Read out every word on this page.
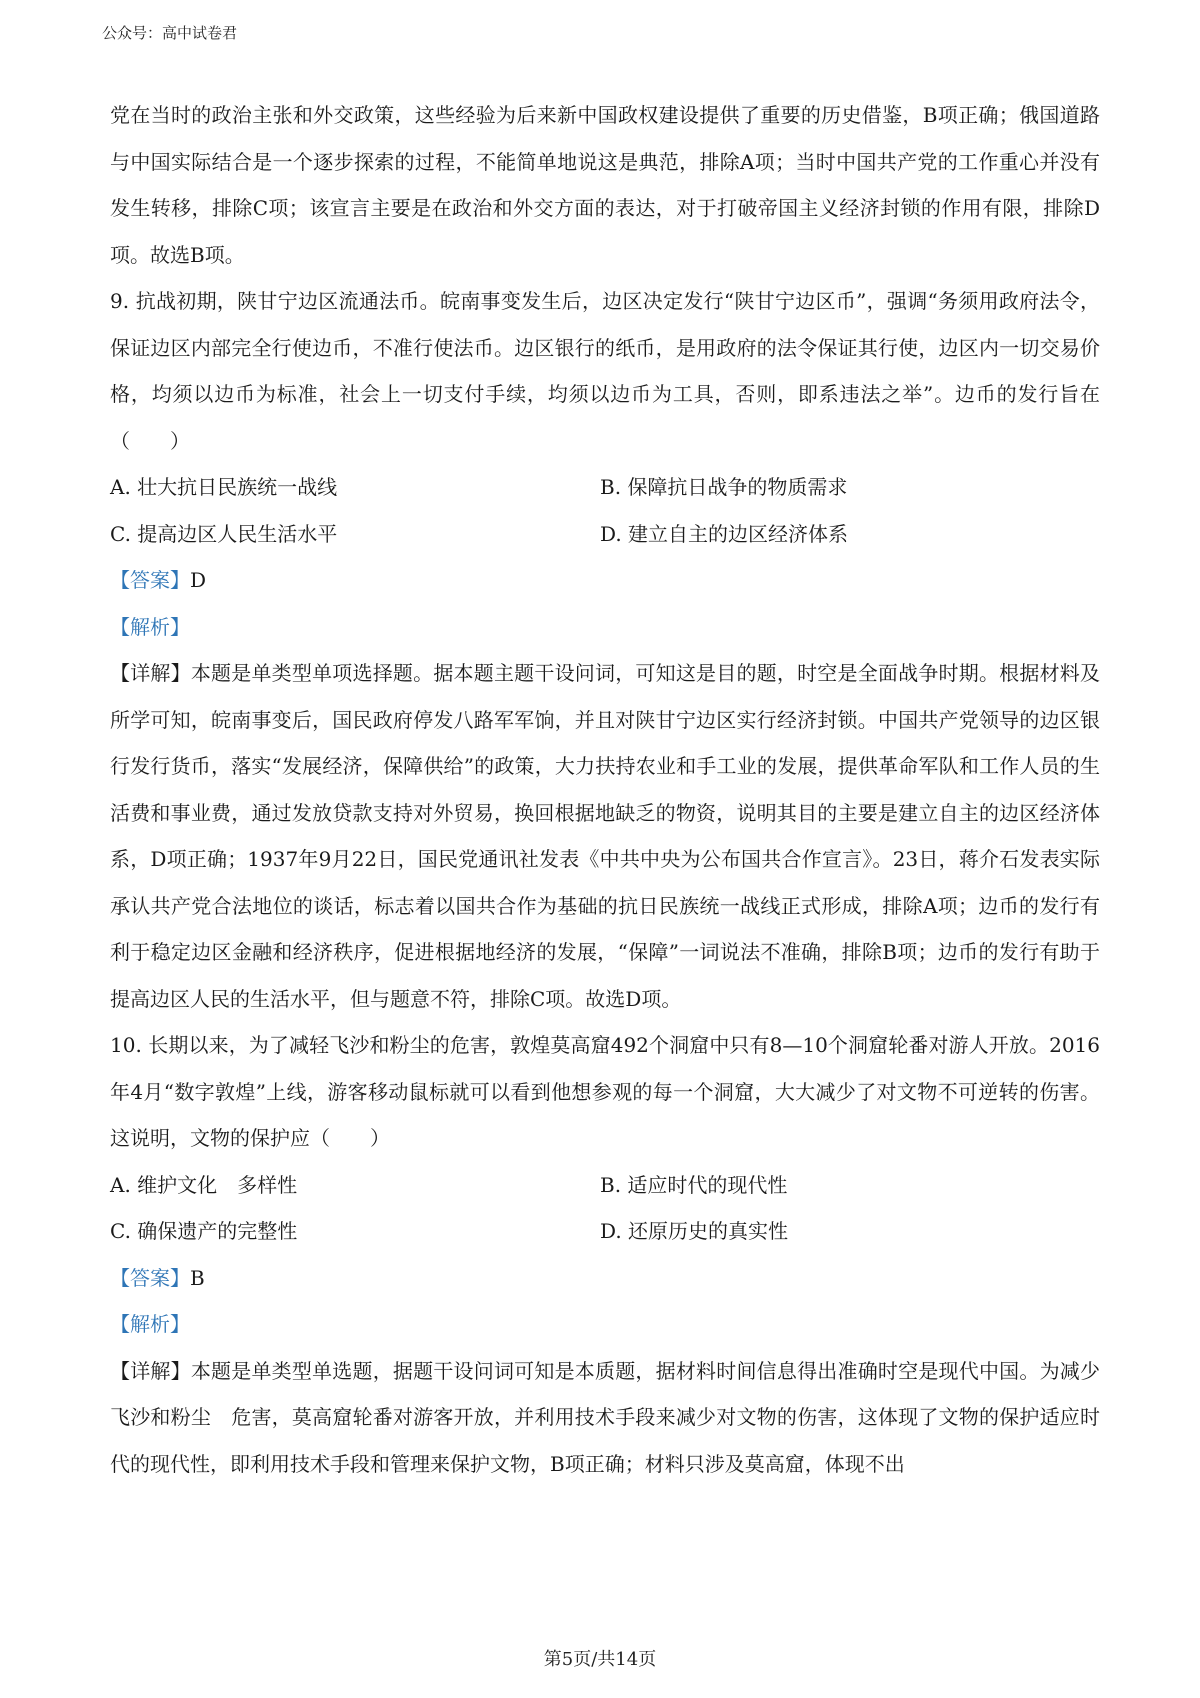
公众号：高中试卷君

党在当时的政治主张和外交政策，这些经验为后来新中国政权建设提供了重要的历史借鉴，B项正确；俄国道路与中国实际结合是一个逐步探索的过程，不能简单地说这是典范，排除A项；当时中国共产党的工作重心并没有发生转移，排除C项；该宣言主要是在政治和外交方面的表达，对于打破帝国主义经济封锁的作用有限，排除D项。故选B项。

9. 抗战初期，陕甘宁边区流通法币。皖南事变发生后，边区决定发行“陕甘宁边区币”，强调“务须用政府法令，保证边区内部完全行使边币，不准行使法币。边区银行的纸币，是用政府的法令保证其行使，边区内一切交易价格，均须以边币为标准，社会上一切支付手续，均须以边币为工具，否则，即系违法之举”。边币的发行旨在（　　）

A. 壮大抗日民族统一战线	B. 保障抗日战争的物质需求
C. 提高边区人民生活水平	D. 建立自主的边区经济体系

【答案】D

【解析】

【详解】本题是单类型单项选择题。据本题主题干设问词，可知这是目的题，时空是全面战争时期。根据材料及所学可知，皖南事变后，国民政府停发八路军军饷，并且对陕甘宁边区实行经济封锁。中国共产党领导的边区银行发行货币，落实“发展经济，保障供给”的政策，大力扶持农业和手工业的发展，提供革命军队和工作人员的生活费和事业费，通过发放贷款支持对外贸易，换回根据地缺乏的物资，说明其目的主要是建立自主的边区经济体系，D项正确；1937年9月22日，国民党通讯社发表《中共中央为公布国共合作宣言》。23日，蒋介石发表实际承认共产党合法地位的谈话，标志着以国共合作为基础的抗日民族统一战线正式形成，排除A项；边币的发行有利于稳定边区金融和经济秩序，促进根据地经济的发展，“保障”一词说法不准确，排除B项；边币的发行有助于提高边区人民的生活水平，但与题意不符，排除C项。故选D项。

10. 长期以来，为了减轻飞沙和粉尘的危害，敦煌莫高窟492个洞窟中只有8—10个洞窟轮番对游人开放。2016年4月“数字敦煌”上线，游客移动鼠标就可以看到他想参观的每一个洞窟，大大减少了对文物不可逆转的伤害。这说明，文物的保护应（　　）

A. 维护文化　多样性	B. 适应时代的现代性
C. 确保遗产的完整性	D. 还原历史的真实性

【答案】B

【解析】

【详解】本题是单类型单选题，据题干设问词可知是本质题，据材料时间信息得出准确时空是现代中国。为减少飞沙和粉尘　危害，莫高窟轮番对游客开放，并利用技术手段来减少对文物的伤害，这体现了文物的保护适应时代的现代性，即利用技术手段和管理来保护文物，B项正确；材料只涉及莫高窟，体现不出

第5页/共14页
